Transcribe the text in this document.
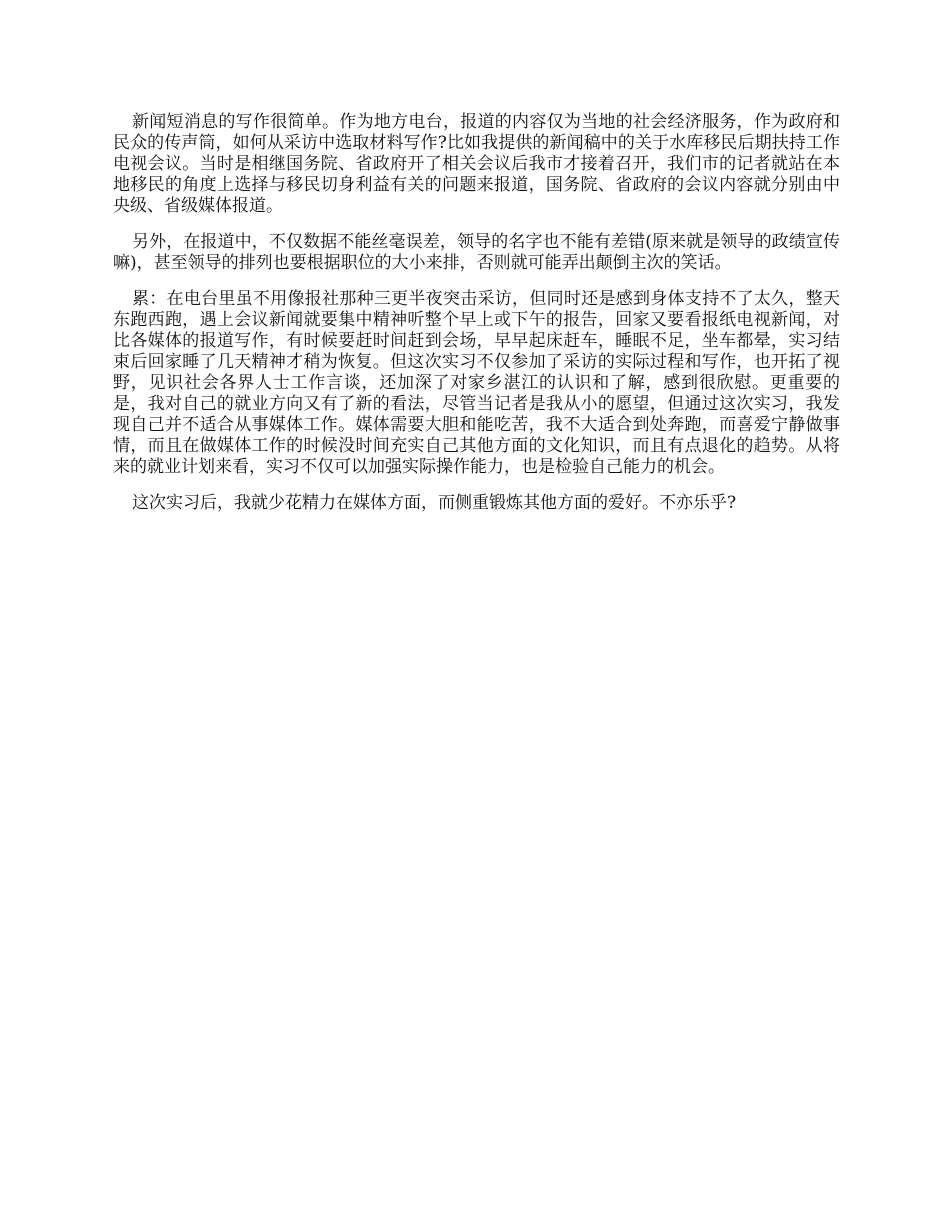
新闻短消息的写作很简单。作为地方电台，报道的内容仅为当地的社会经济服务，作为政府和民众的传声筒，如何从采访中选取材料写作?比如我提供的新闻稿中的关于水库移民后期扶持工作电视会议。当时是相继国务院、省政府开了相关会议后我市才接着召开，我们市的记者就站在本地移民的角度上选择与移民切身利益有关的问题来报道，国务院、省政府的会议内容就分别由中央级、省级媒体报道。

另外，在报道中，不仅数据不能丝毫误差，领导的名字也不能有差错(原来就是领导的政绩宣传嘛)，甚至领导的排列也要根据职位的大小来排，否则就可能弄出颠倒主次的笑话。

累：在电台里虽不用像报社那种三更半夜突击采访，但同时还是感到身体支持不了太久，整天东跑西跑，遇上会议新闻就要集中精神听整个早上或下午的报告，回家又要看报纸电视新闻，对比各媒体的报道写作，有时候要赶时间赶到会场，早早起床赶车，睡眠不足，坐车都晕，实习结束后回家睡了几天精神才稍为恢复。但这次实习不仅参加了采访的实际过程和写作，也开拓了视野，见识社会各界人士工作言谈，还加深了对家乡湛江的认识和了解，感到很欣慰。更重要的是，我对自己的就业方向又有了新的看法，尽管当记者是我从小的愿望，但通过这次实习，我发现自己并不适合从事媒体工作。媒体需要大胆和能吃苦，我不大适合到处奔跑，而喜爱宁静做事情，而且在做媒体工作的时候没时间充实自己其他方面的文化知识，而且有点退化的趋势。从将来的就业计划来看，实习不仅可以加强实际操作能力，也是检验自己能力的机会。

这次实习后，我就少花精力在媒体方面，而侧重锻炼其他方面的爱好。不亦乐乎?
